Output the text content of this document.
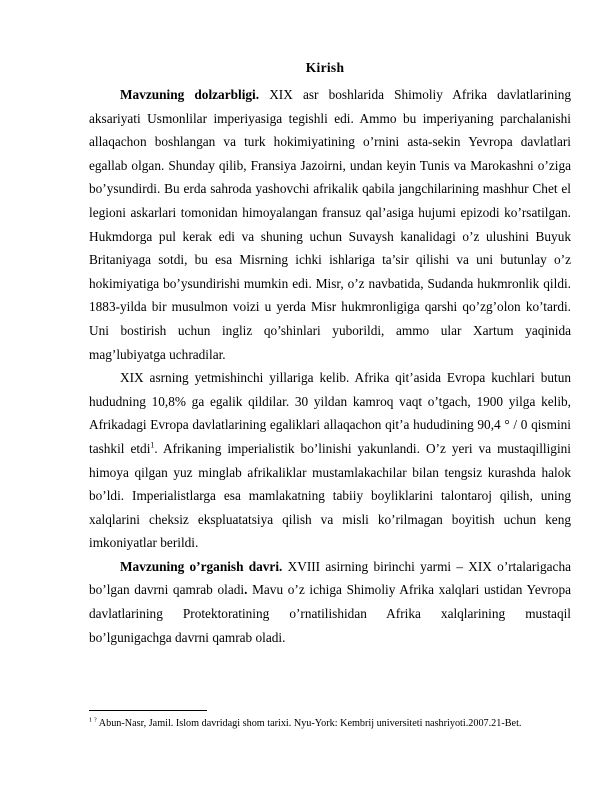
Kirish

Mavzuning dolzarbligi. XIX asr boshlarida Shimoliy Afrika davlatlarining aksariyati Usmonlilar imperiyasiga tegishli edi. Ammo bu imperiyaning parchalanishi allaqachon boshlangan va turk hokimiyatining o’rnini asta-sekin Yevropa davlatlari egallab olgan. Shunday qilib, Fransiya Jazoirni, undan keyin Tunis va Marokashni o’ziga bo’ysundirdi. Bu erda sahroda yashovchi afrikalik qabila jangchilarining mashhur Chet el legioni askarlari tomonidan himoyalangan fransuz qal’asiga hujumi epizodi ko’rsatilgan. Hukmdorga pul kerak edi va shuning uchun Suvaysh kanalidagi o’z ulushini Buyuk Britaniyaga sotdi, bu esa Misrning ichki ishlariga ta’sir qilishi va uni butunlay o’z hokimiyatiga bo’ysundirishi mumkin edi. Misr, o’z navbatida, Sudanda hukmronlik qildi. 1883-yilda bir musulmon voizi u yerda Misr hukmronligiga qarshi qo’zg’olon ko’tardi. Uni bostirish uchun ingliz qo’shinlari yuborildi, ammo ular Xartum yaqinida mag’lubiyatga uchradilar.

XIX asrning yetmishinchi yillariga kelib. Afrika qit’asida Evropa kuchlari butun hududning 10,8% ga egalik qildilar. 30 yildan kamroq vaqt o’tgach, 1900 yilga kelib, Afrikadagi Evropa davlatlarining egaliklari allaqachon qit’a hududining 90,4 ° / 0 qismini tashkil etdi$^1$. Afrikaning imperialistik bo’linishi yakunlandi. O’z yeri va mustaqilligini himoya qilgan yuz minglab afrikaliklar mustamlakachilar bilan tengsiz kurashda halok bo’ldi. Imperialistlarga esa mamlakatning tabiiy boyliklarini talontaroj qilish, uning xalqlarini cheksiz ekspluatatsiya qilish va misli ko’rilmagan boyitish uchun keng imkoniyatlar berildi.

Mavzuning o’rganish davri. XVIII asirning birinchi yarmi – XIX o’rtalarigacha bo’lgan davrni qamrab oladi. Mavu o’z ichiga Shimoliy Afrika xalqlari ustidan Yevropa davlatlarining Protektoratining o’rnatilishidan Afrika xalqlarining mustaqil bo’lgunigachga davrni qamrab oladi.

$^{1 ?}$ Abun-Nasr, Jamil. Islom davridagi shom tarixi. Nyu-York: Kembrij universiteti nashriyoti.2007.21-Bet.
